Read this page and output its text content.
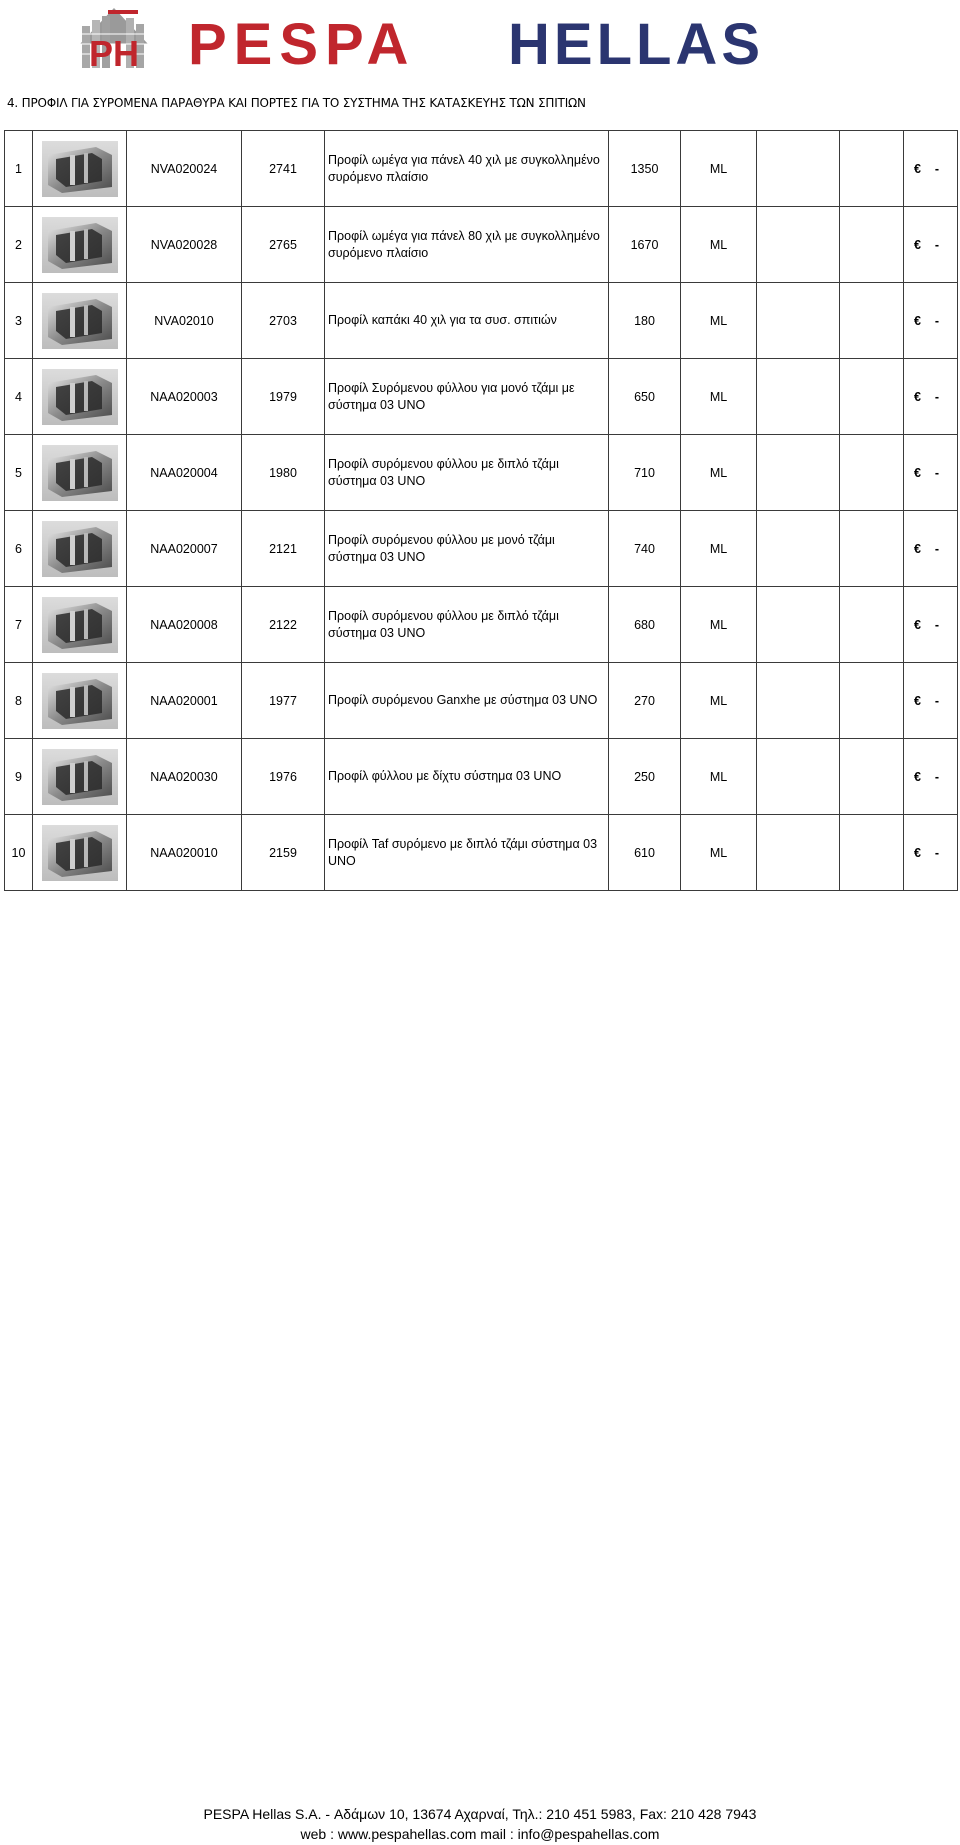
PH PESPA HELLAS
4. ΠΡΟΦΙΛ ΓΙΑ ΣΥΡΟΜΕΝΑ ΠΑΡΑΘΥΡΑ ΚΑΙ ΠΟΡΤΕΣ ΓΙΑ ΤΟ ΣΥΣΤΗΜΑ ΤΗΣ ΚΑΤΑΣΚΕΥΗΣ ΤΩΝ ΣΠΙΤΙΩΝ
1		NVA020024	2741	Προφίλ ωμέγα για πάνελ 40 χιλ με συγκολλημένο συρόμενο πλαίσιο	1350	ML			€ -

2		NVA020028	2765	Προφίλ ωμέγα για πάνελ 80 χιλ με συγκολλημένο συρόμενο πλαίσιο	1670	ML			€ -

3		NVA02010	2703	Προφίλ καπάκι 40 χιλ για τα συσ. σπιτιών	180	ML			€ -

4		NAA020003	1979	Προφίλ Συρόμενου φύλλου για μονό τζάμι με σύστημα 03 UNO	650	ML			€ -

5		NAA020004	1980	Προφίλ συρόμενου φύλλου με διπλό τζάμι σύστημα 03 UNO	710	ML			€ -

6		NAA020007	2121	Προφίλ συρόμενου φύλλου με μονό τζάμι σύστημα 03 UNO	740	ML			€ -

7		NAA020008	2122	Προφίλ συρόμενου φύλλου με διπλό τζάμι σύστημα 03 UNO	680	ML			€ -

8		NAA020001	1977	Προφίλ συρόμενου Ganxhe με σύστημα 03 UNO	270	ML			€ -

9		NAA020030	1976	Προφίλ φύλλου με δίχτυ σύστημα 03 UNO	250	ML			€ -

10		NAA020010	2159	Προφίλ Taf συρόμενο με διπλό τζάμι σύστημα 03 UNO	610	ML			€ -
PESPA Hellas S.A. - Αδάμων 10, 13674 Αχαρναί, Τηλ.: 210 451 5983, Fax: 210 428 7943
web : www.pespahellas.com mail : info@pespahellas.com
